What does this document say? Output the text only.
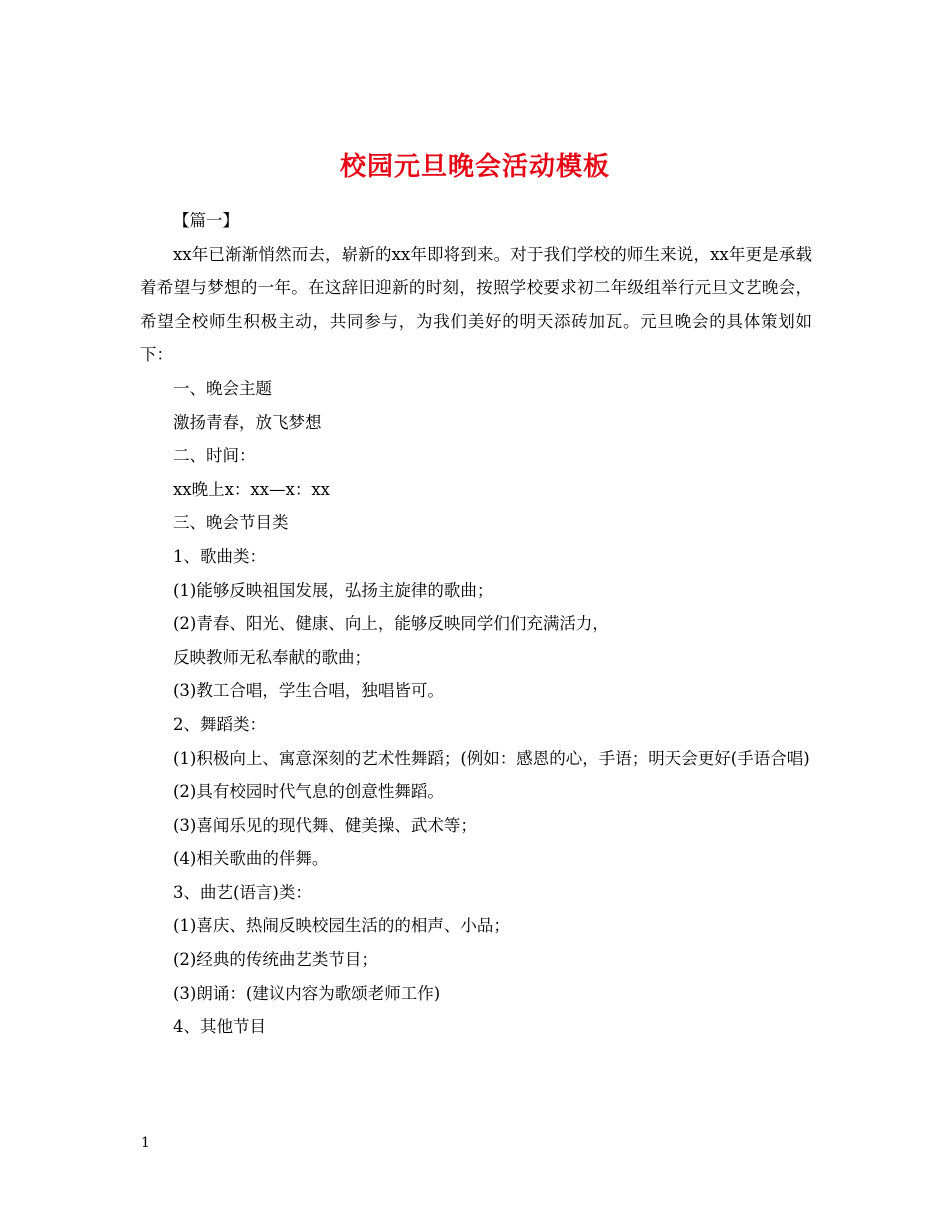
校园元旦晚会活动模板

【篇一】

xx年已渐渐悄然而去，崭新的xx年即将到来。对于我们学校的师生来说，xx年更是承载着希望与梦想的一年。在这辞旧迎新的时刻，按照学校要求初二年级组举行元旦文艺晚会，希望全校师生积极主动，共同参与，为我们美好的明天添砖加瓦。元旦晚会的具体策划如下：

一、晚会主题

激扬青春，放飞梦想

二、时间：

xx晚上x：xx—x：xx

三、晚会节目类

1、歌曲类：

(1)能够反映祖国发展，弘扬主旋律的歌曲；

(2)青春、阳光、健康、向上，能够反映同学们们充满活力，

反映教师无私奉献的歌曲；

(3)教工合唱，学生合唱，独唱皆可。

2、舞蹈类：

(1)积极向上、寓意深刻的艺术性舞蹈；(例如：感恩的心，手语；明天会更好(手语合唱)

(2)具有校园时代气息的创意性舞蹈。

(3)喜闻乐见的现代舞、健美操、武术等；

(4)相关歌曲的伴舞。

3、曲艺(语言)类：

(1)喜庆、热闹反映校园生活的的相声、小品；

(2)经典的传统曲艺类节目；

(3)朗诵：(建议内容为歌颂老师工作)

4、其他节目

1
